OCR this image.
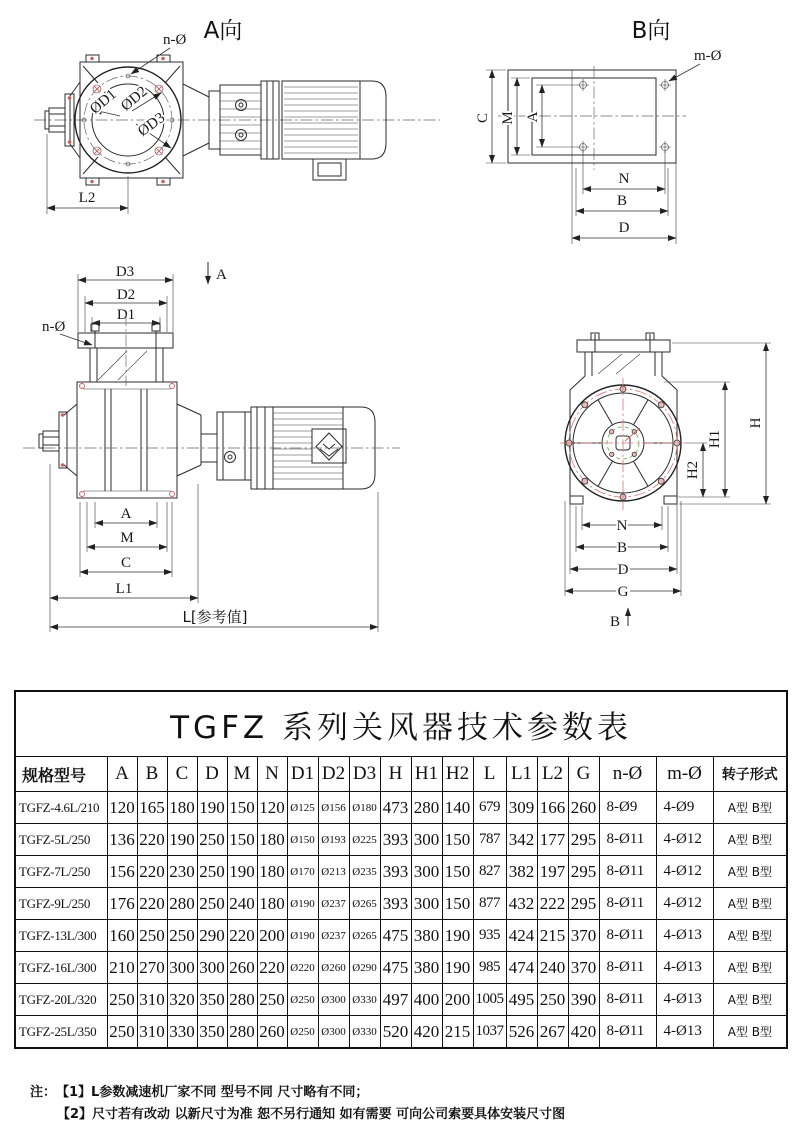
A向
n-Ø
ØD1
ØD2
ØD3
L2
B向
m-Ø
C M A
N
B
D
A
D3
D2
D1
n-Ø
A
M
C
L1
L[参考值]
H2
H1
H
N
B
D
G
B
TGFZ 系列关风器技术参数表																			
规格型号	A	B	C	D	M	N	D1	D2	D3	H	H1	H2	L	L1	L2	G	n-Ø	m-Ø	转子形式
TGFZ-4.6L/210	120	165	180	190	150	120	Ø125	Ø156	Ø180	473	280	140	679	309	166	260	8-Ø9	4-Ø9	A型 B型
TGFZ-5L/250	136	220	190	250	150	180	Ø150	Ø193	Ø225	393	300	150	787	342	177	295	8-Ø11	4-Ø12	A型 B型
TGFZ-7L/250	156	220	230	250	190	180	Ø170	Ø213	Ø235	393	300	150	827	382	197	295	8-Ø11	4-Ø12	A型 B型
TGFZ-9L/250	176	220	280	250	240	180	Ø190	Ø237	Ø265	393	300	150	877	432	222	295	8-Ø11	4-Ø12	A型 B型
TGFZ-13L/300	160	250	250	290	220	200	Ø190	Ø237	Ø265	475	380	190	935	424	215	370	8-Ø11	4-Ø13	A型 B型
TGFZ-16L/300	210	270	300	300	260	220	Ø220	Ø260	Ø290	475	380	190	985	474	240	370	8-Ø11	4-Ø13	A型 B型
TGFZ-20L/320	250	310	320	350	280	250	Ø250	Ø300	Ø330	497	400	200	1005	495	250	390	8-Ø11	4-Ø13	A型 B型
TGFZ-25L/350	250	310	330	350	280	260	Ø250	Ø300	Ø330	520	420	215	1037	526	267	420	8-Ø11	4-Ø13	A型 B型
注： 【1】L参数减速机厂家不同 型号不同 尺寸略有不同；
【2】尺寸若有改动 以新尺寸为准 恕不另行通知 如有需要 可向公司索要具体安装尺寸图
